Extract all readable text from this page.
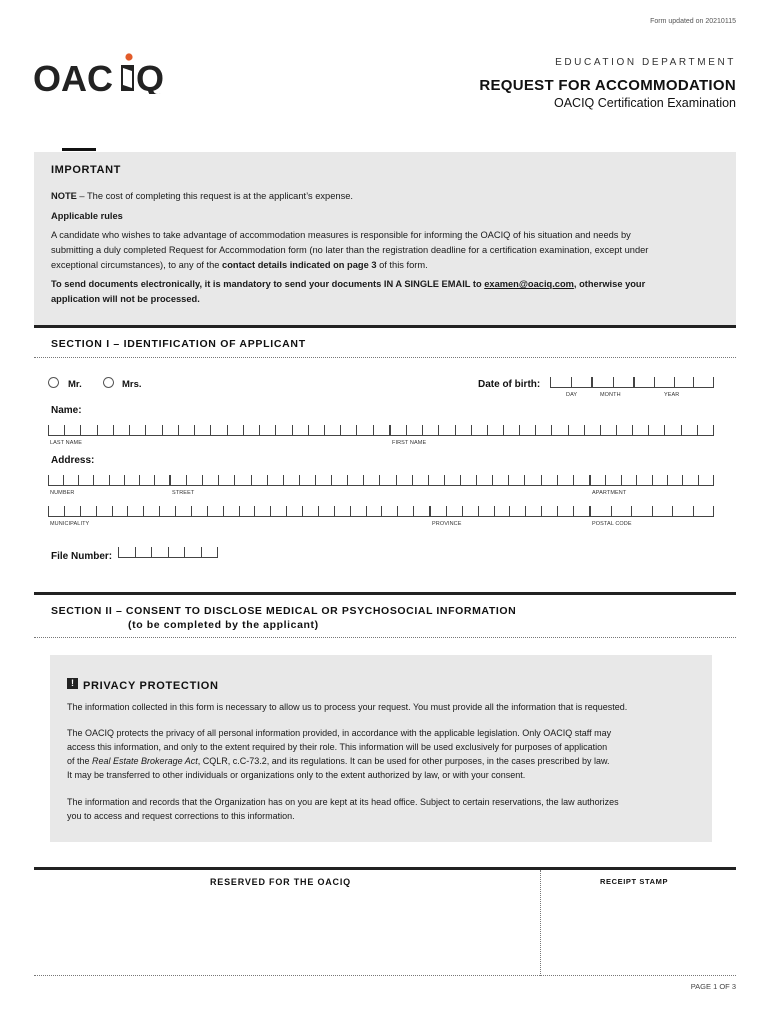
Form updated on 20210115
OAC Q	EDUCATION DEPARTMENT
REQUEST FOR ACCOMMODATION
OACIQ Certification Examination
IMPORTANT
NOTE – The cost of completing this request is at the applicant’s expense.
Applicable rules
A candidate who wishes to take advantage of accommodation measures is responsible for informing the OACIQ of his situation and needs by
submitting a duly completed Request for Accommodation form (no later than the registration deadline for a certification examination, except under
exceptional circumstances), to any of the contact details indicated on page 3 of this form.
To send documents electronically, it is mandatory to send your documents IN A SINGLE EMAIL to examen@oaciq.com, otherwise your
application will not be processed.
SECTION I – IDENTIFICATION OF APPLICANT
Mr.	Mrs.	Date of birth:
DAY	MONTH	YEAR
Name:
LAST NAME	FIRST NAME
Address:
NUMBER	STREET	APARTMENT
MUNICIPALITY	PROVINCE	POSTAL CODE
File Number:
SECTION II – CONSENT TO DISCLOSE MEDICAL OR PSYCHOSOCIAL INFORMATION
(to be completed by the applicant)
! PRIVACY PROTECTION
The information collected in this form is necessary to allow us to process your request. You must provide all the information that is requested.
The OACIQ protects the privacy of all personal information provided, in accordance with the applicable legislation. Only OACIQ staff may
access this information, and only to the extent required by their role. This information will be used exclusively for purposes of application
of the Real Estate Brokerage Act, CQLR, c.C-73.2, and its regulations. It can be used for other purposes, in the cases prescribed by law.
It may be transferred to other individuals or organizations only to the extent authorized by law, or with your consent.
The information and records that the Organization has on you are kept at its head office. Subject to certain reservations, the law authorizes
you to access and request corrections to this information.
RESERVED FOR THE OACIQ	RECEIPT STAMP
PAGE 1 OF 3
